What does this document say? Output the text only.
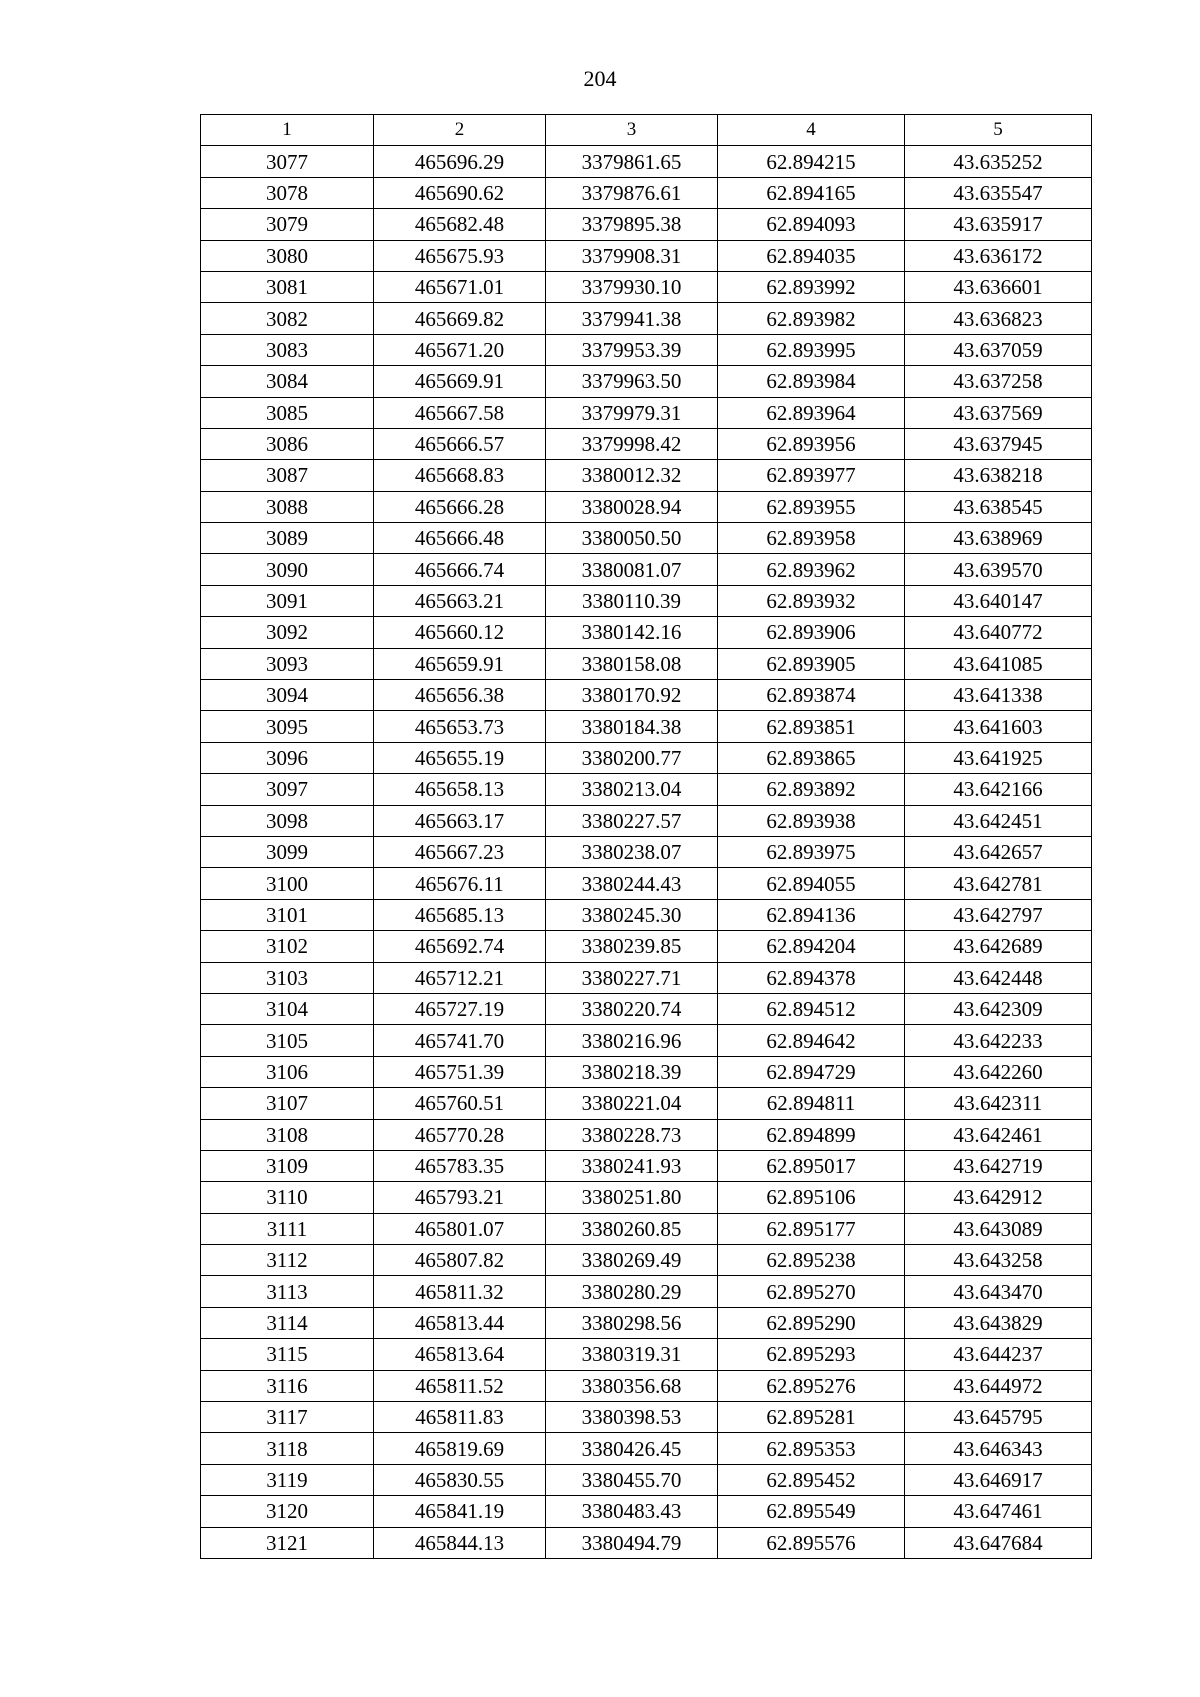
204
1	2	3	4	5
3077	465696.29	3379861.65	62.894215	43.635252
3078	465690.62	3379876.61	62.894165	43.635547
3079	465682.48	3379895.38	62.894093	43.635917
3080	465675.93	3379908.31	62.894035	43.636172
3081	465671.01	3379930.10	62.893992	43.636601
3082	465669.82	3379941.38	62.893982	43.636823
3083	465671.20	3379953.39	62.893995	43.637059
3084	465669.91	3379963.50	62.893984	43.637258
3085	465667.58	3379979.31	62.893964	43.637569
3086	465666.57	3379998.42	62.893956	43.637945
3087	465668.83	3380012.32	62.893977	43.638218
3088	465666.28	3380028.94	62.893955	43.638545
3089	465666.48	3380050.50	62.893958	43.638969
3090	465666.74	3380081.07	62.893962	43.639570
3091	465663.21	3380110.39	62.893932	43.640147
3092	465660.12	3380142.16	62.893906	43.640772
3093	465659.91	3380158.08	62.893905	43.641085
3094	465656.38	3380170.92	62.893874	43.641338
3095	465653.73	3380184.38	62.893851	43.641603
3096	465655.19	3380200.77	62.893865	43.641925
3097	465658.13	3380213.04	62.893892	43.642166
3098	465663.17	3380227.57	62.893938	43.642451
3099	465667.23	3380238.07	62.893975	43.642657
3100	465676.11	3380244.43	62.894055	43.642781
3101	465685.13	3380245.30	62.894136	43.642797
3102	465692.74	3380239.85	62.894204	43.642689
3103	465712.21	3380227.71	62.894378	43.642448
3104	465727.19	3380220.74	62.894512	43.642309
3105	465741.70	3380216.96	62.894642	43.642233
3106	465751.39	3380218.39	62.894729	43.642260
3107	465760.51	3380221.04	62.894811	43.642311
3108	465770.28	3380228.73	62.894899	43.642461
3109	465783.35	3380241.93	62.895017	43.642719
3110	465793.21	3380251.80	62.895106	43.642912
3111	465801.07	3380260.85	62.895177	43.643089
3112	465807.82	3380269.49	62.895238	43.643258
3113	465811.32	3380280.29	62.895270	43.643470
3114	465813.44	3380298.56	62.895290	43.643829
3115	465813.64	3380319.31	62.895293	43.644237
3116	465811.52	3380356.68	62.895276	43.644972
3117	465811.83	3380398.53	62.895281	43.645795
3118	465819.69	3380426.45	62.895353	43.646343
3119	465830.55	3380455.70	62.895452	43.646917
3120	465841.19	3380483.43	62.895549	43.647461
3121	465844.13	3380494.79	62.895576	43.647684
